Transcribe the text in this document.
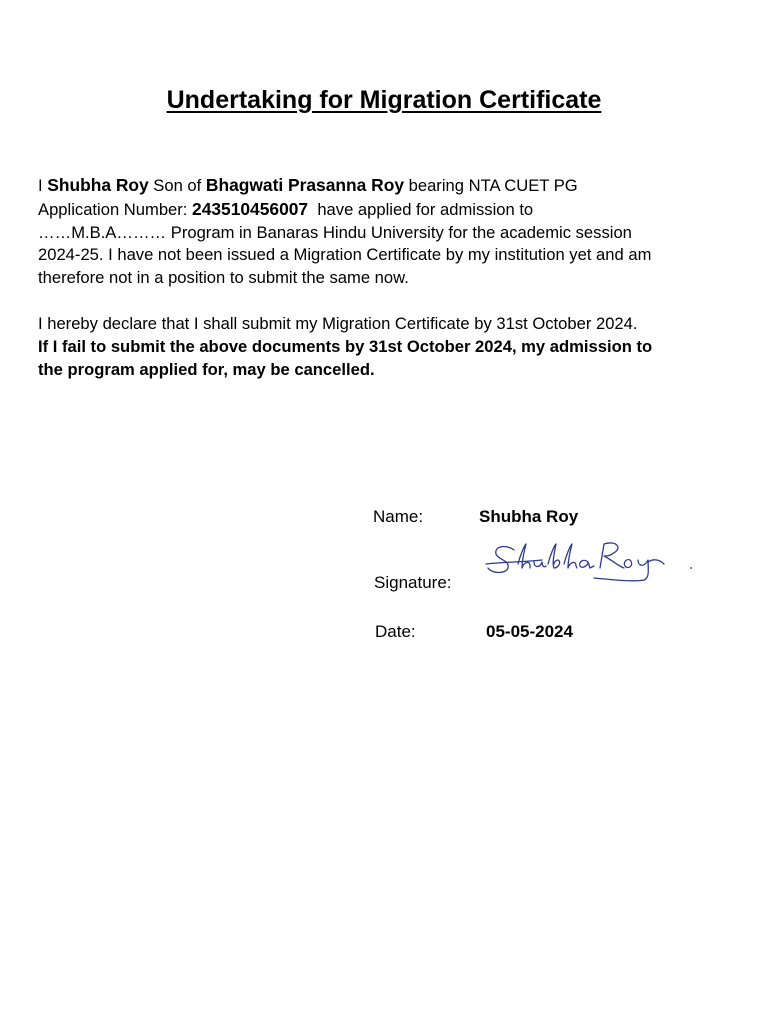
Undertaking for Migration Certificate

I Shubha Roy Son of Bhagwati Prasanna Roy bearing NTA CUET PG
Application Number: 243510456007  have applied for admission to
……M.B.A……… Program in Banaras Hindu University for the academic session
2024-25. I have not been issued a Migration Certificate by my institution yet and am
therefore not in a position to submit the same now.

I hereby declare that I shall submit my Migration Certificate by 31st October 2024.
If I fail to submit the above documents by 31st October 2024, my admission to
the program applied for, may be cancelled.

Name:	Shubha Roy
Signature:
Date:	05-05-2024
